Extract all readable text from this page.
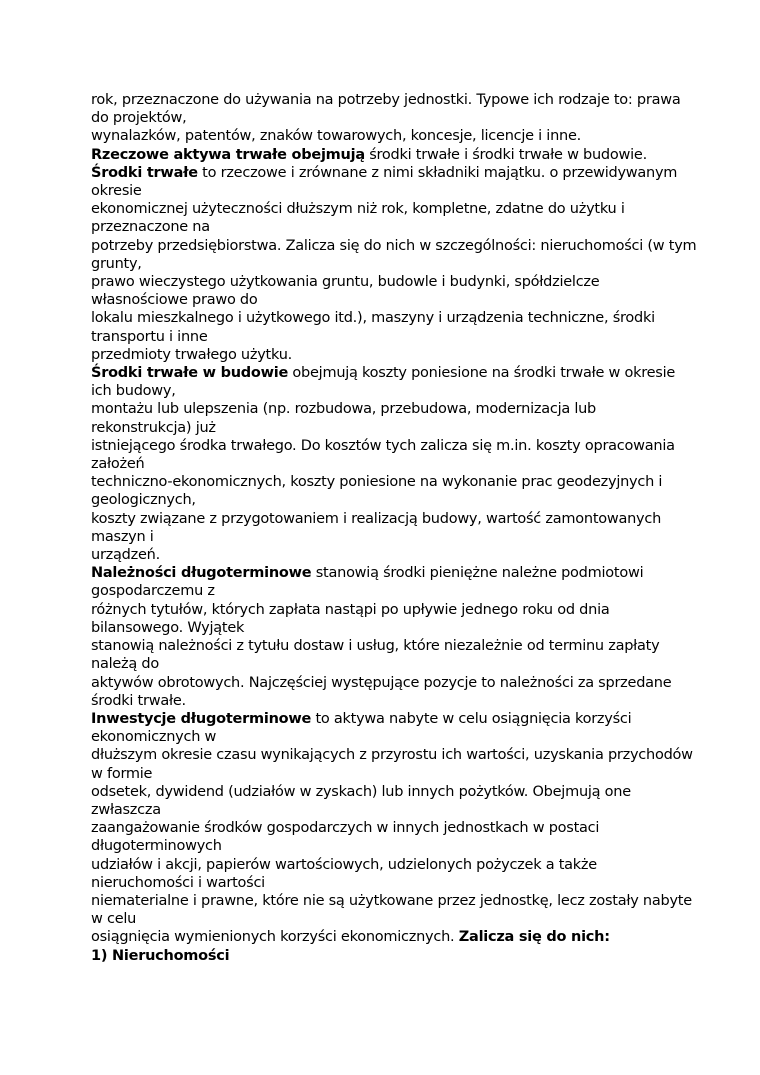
rok, przeznaczone do używania na potrzeby jednostki. Typowe ich rodzaje to: prawa
do projektów,
wynalazków, patentów, znaków towarowych, koncesje, licencje i inne.
Rzeczowe aktywa trwałe obejmują środki trwałe i środki trwałe w budowie.
Środki trwałe to rzeczowe i zrównane z nimi składniki majątku. o przewidywanym
okresie
ekonomicznej użyteczności dłuższym niż rok, kompletne, zdatne do użytku i
przeznaczone na
potrzeby przedsiębiorstwa. Zalicza się do nich w szczególności: nieruchomości (w tym
grunty,
prawo wieczystego użytkowania gruntu, budowle i budynki, spółdzielcze
własnościowe prawo do
lokalu mieszkalnego i użytkowego itd.), maszyny i urządzenia techniczne, środki
transportu i inne
przedmioty trwałego użytku.
Środki trwałe w budowie obejmują koszty poniesione na środki trwałe w okresie
ich budowy,
montażu lub ulepszenia (np. rozbudowa, przebudowa, modernizacja lub
rekonstrukcja) już
istniejącego środka trwałego. Do kosztów tych zalicza się m.in. koszty opracowania
założeń
techniczno-ekonomicznych, koszty poniesione na wykonanie prac geodezyjnych i
geologicznych,
koszty związane z przygotowaniem i realizacją budowy, wartość zamontowanych
maszyn i
urządzeń.
Należności długoterminowe stanowią środki pieniężne należne podmiotowi
gospodarczemu z
różnych tytułów, których zapłata nastąpi po upływie jednego roku od dnia
bilansowego. Wyjątek
stanowią należności z tytułu dostaw i usług, które niezależnie od terminu zapłaty
należą do
aktywów obrotowych. Najczęściej występujące pozycje to należności za sprzedane
środki trwałe.
Inwestycje długoterminowe to aktywa nabyte w celu osiągnięcia korzyści
ekonomicznych w
dłuższym okresie czasu wynikających z przyrostu ich wartości, uzyskania przychodów
w formie
odsetek, dywidend (udziałów w zyskach) lub innych pożytków. Obejmują one
zwłaszcza
zaangażowanie środków gospodarczych w innych jednostkach w postaci
długoterminowych
udziałów i akcji, papierów wartościowych, udzielonych pożyczek a także
nieruchomości i wartości
niematerialne i prawne, które nie są użytkowane przez jednostkę, lecz zostały nabyte
w celu
osiągnięcia wymienionych korzyści ekonomicznych. Zalicza się do nich:
1) Nieruchomości
